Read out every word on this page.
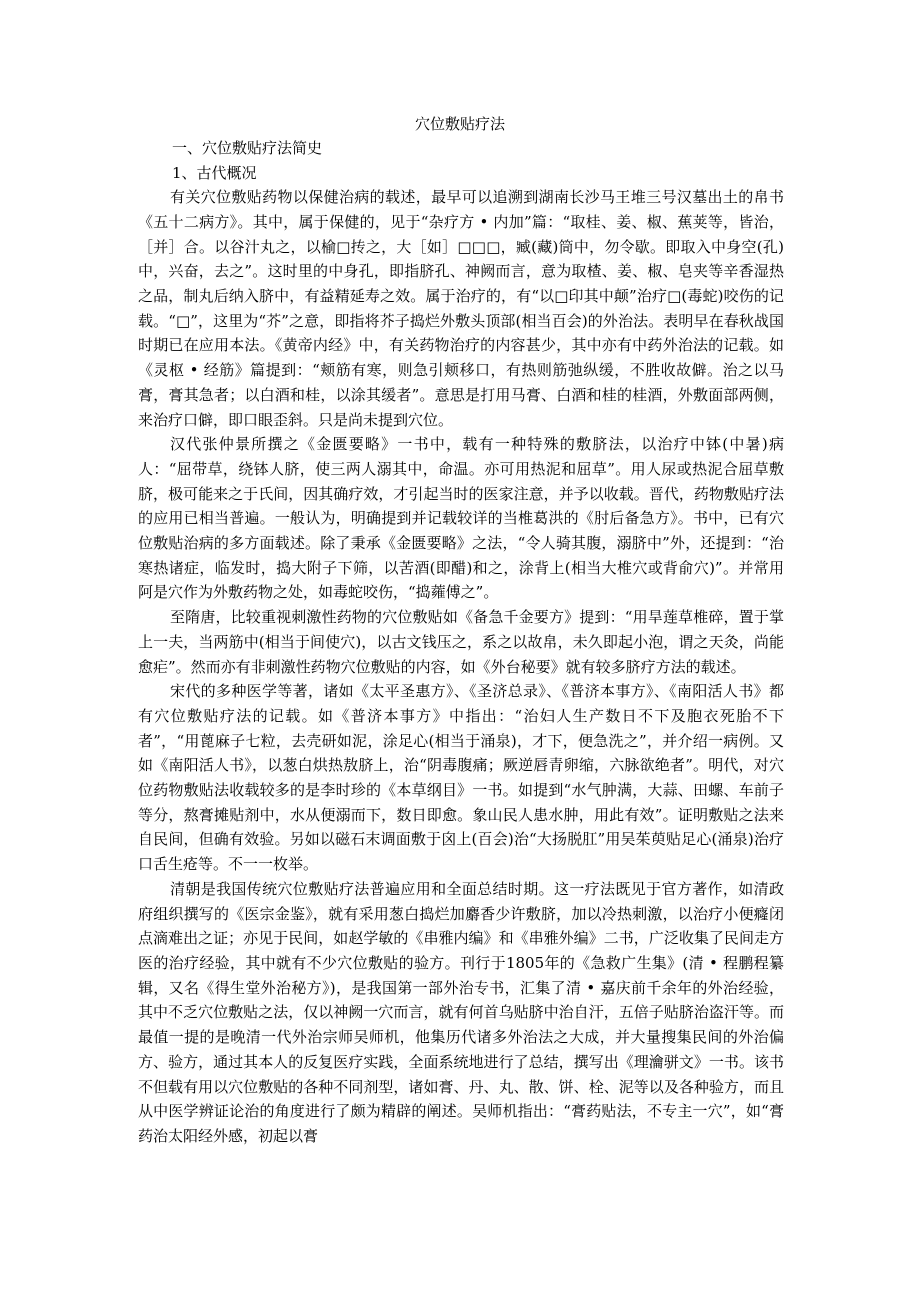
穴位敷贴疗法
一、穴位敷贴疗法简史
1、古代概况

有关穴位敷贴药物以保健治病的载述，最早可以追溯到湖南长沙马王堆三号汉墓出土的帛书《五十二病方》。其中，属于保健的，见于“杂疗方 • 内加”篇：“取桂、姜、椒、蕉荚等，皆治，［并］合。以谷汁丸之，以榆□抟之，大［如］□□□，臧(藏)筒中，勿令歇。即取入中身空(孔)中，兴奋，去之”。这时里的中身孔，即指脐孔、神阙而言，意为取楂、姜、椒、皂夹等辛香湿热之品，制丸后纳入脐中，有益精延寿之效。属于治疗的，有“以□印其中颠”治疗□(毒蛇)咬伤的记载。“□”，这里为“芥”之意，即指将芥子捣烂外敷头顶部(相当百会)的外治法。表明早在春秋战国时期已在应用本法。《黄帝内经》中，有关药物治疗的内容甚少，其中亦有中药外治法的记载。如《灵枢 • 经筋》篇提到：“颊筋有寒，则急引颊移口，有热则筋弛纵缓，不胜收故僻。治之以马膏，膏其急者；以白酒和桂，以涂其缓者”。意思是打用马膏、白酒和桂的桂酒，外敷面部两侧，来治疗口僻，即口眼歪斜。只是尚未提到穴位。

汉代张仲景所撰之《金匮要略》一书中，载有一种特殊的敷脐法，以治疗中钵(中暑)病人：“屈带草，绕钵人脐，使三两人溺其中，命温。亦可用热泥和屈草”。用人尿或热泥合屈草敷脐，极可能来之于氏间，因其确疗效，才引起当时的医家注意，并予以收载。晋代，药物敷贴疗法的应用已相当普遍。一般认为，明确提到并记载较详的当椎葛洪的《肘后备急方》。书中，已有穴位敷贴治病的多方面载述。除了秉承《金匮要略》之法，“令人骑其腹，溺脐中”外，还提到：“治寒热诸症，临发时，捣大附子下筛，以苦酒(即醋)和之，涂背上(相当大椎穴或背俞穴)”。并常用阿是穴作为外敷药物之处，如毒蛇咬伤，“捣蕹傅之”。

至隋唐，比较重视刺激性药物的穴位敷贴如《备急千金要方》提到：“用旱莲草椎碎，置于掌上一夫，当两筋中(相当于间使穴)，以古文钱压之，系之以故帛，未久即起小泡，谓之天灸，尚能愈疟”。然而亦有非刺激性药物穴位敷贴的内容，如《外台秘要》就有较多脐疗方法的载述。

宋代的多种医学等著，诸如《太平圣惠方》、《圣济总录》、《普济本事方》、《南阳活人书》都有穴位敷贴疗法的记载。如《普济本事方》中指出：“治妇人生产数日不下及胞衣死胎不下者”，“用蓖麻子七粒，去壳研如泥，涂足心(相当于涌泉)，才下，便急洗之”，并介绍一病例。又如《南阳活人书》，以葱白烘热敖脐上，治“阴毒腹痛；厥逆唇青卵缩，六脉欲绝者”。明代，对穴位药物敷贴法收载较多的是李时珍的《本草纲目》一书。如提到“水气肿满，大蒜、田螺、车前子等分，熬膏摊贴剂中，水从便溺而下，数日即愈。象山民人患水肿，用此有效”。证明敷贴之法来自民间，但确有效验。另如以磁石末调面敷于囟上(百会)治“大扬脱肛”用吴茱萸贴足心(涌泉)治疗口舌生疮等。不一一枚举。

清朝是我国传统穴位敷贴疗法普遍应用和全面总结时期。这一疗法既见于官方著作，如清政府组织撰写的《医宗金鉴》，就有采用葱白捣烂加麝香少许敷脐，加以冷热刺激，以治疗小便癃闭点滴难出之证；亦见于民间，如赵学敏的《串雅内编》和《串雅外编》二书，广泛收集了民间走方医的治疗经验，其中就有不少穴位敷贴的验方。刊行于1805年的《急救广生集》(清 • 程鹏程纂辑，又名《得生堂外治秘方》)，是我国第一部外治专书，汇集了清 • 嘉庆前千余年的外治经验，其中不乏穴位敷贴之法，仅以神阙一穴而言，就有何首乌贴脐中治自汗，五倍子贴脐治盗汗等。而最值一提的是晚清一代外治宗师吴师机，他集历代诸多外治法之大成，并大量搜集民间的外治偏方、验方，通过其本人的反复医疗实践，全面系统地进行了总结，撰写出《理瀹骈文》一书。该书不但载有用以穴位敷贴的各种不同剂型，诸如膏、丹、丸、散、饼、栓、泥等以及各种验方，而且从中医学辨证论治的角度进行了颇为精辟的阐述。吴师机指出：“膏药贴法，不专主一穴”，如“膏药治太阳经外感，初起以膏
